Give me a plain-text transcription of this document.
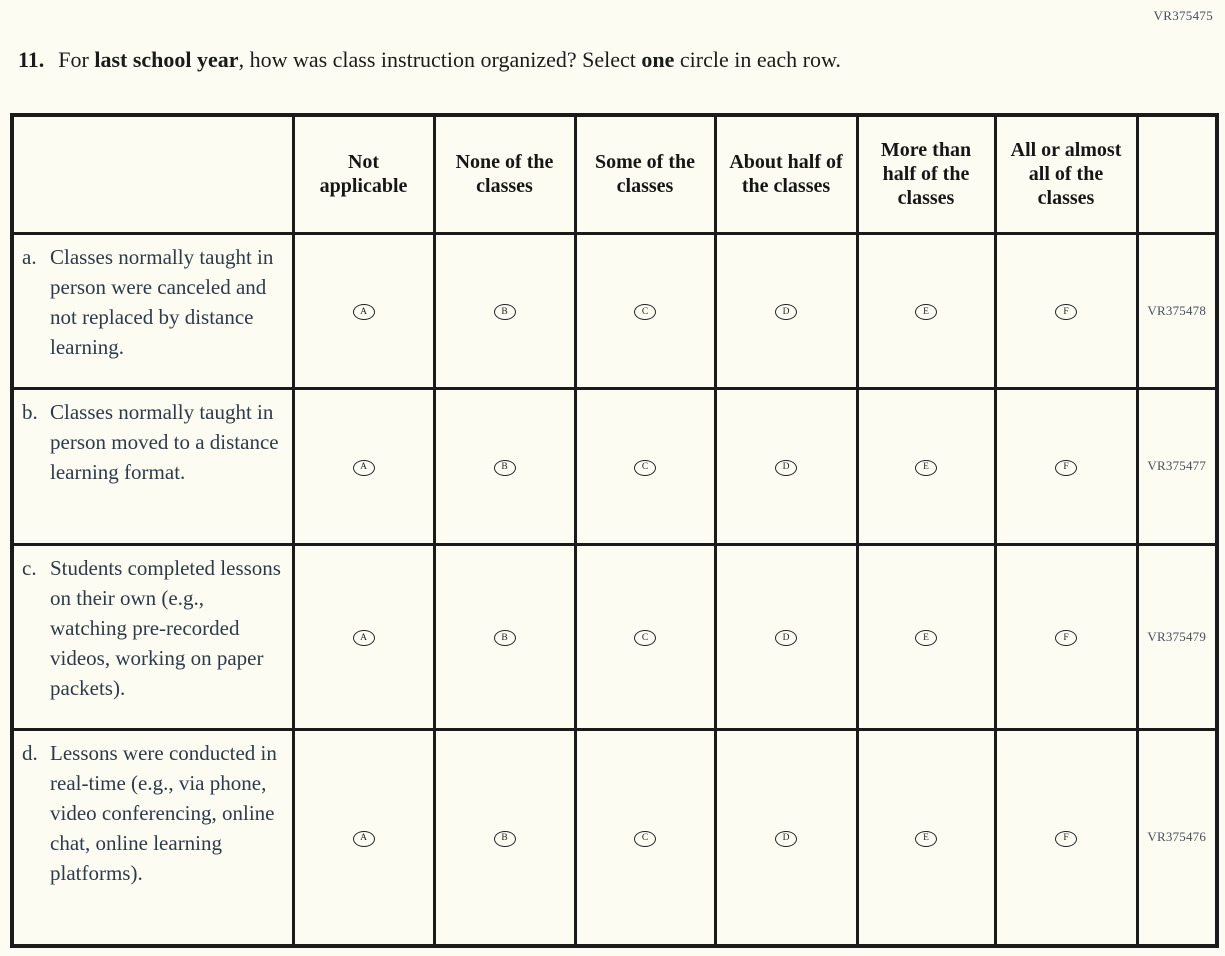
VR375475
11. For last school year, how was class instruction organized? Select one circle in each row.
	Not applicable	None of the classes	Some of the classes	About half of the classes	More than half of the classes	All or almost all of the classes	

a. Classes normally taught in person were canceled and not replaced by distance learning.	A	B	C	D	E	F	VR375478

b. Classes normally taught in person moved to a distance learning format.	A	B	C	D	E	F	VR375477

c. Students completed lessons on their own (e.g., watching pre-recorded videos, working on paper packets).	A	B	C	D	E	F	VR375479

d. Lessons were conducted in real-time (e.g., via phone, video conferencing, online chat, online learning platforms).	A	B	C	D	E	F	VR375476
